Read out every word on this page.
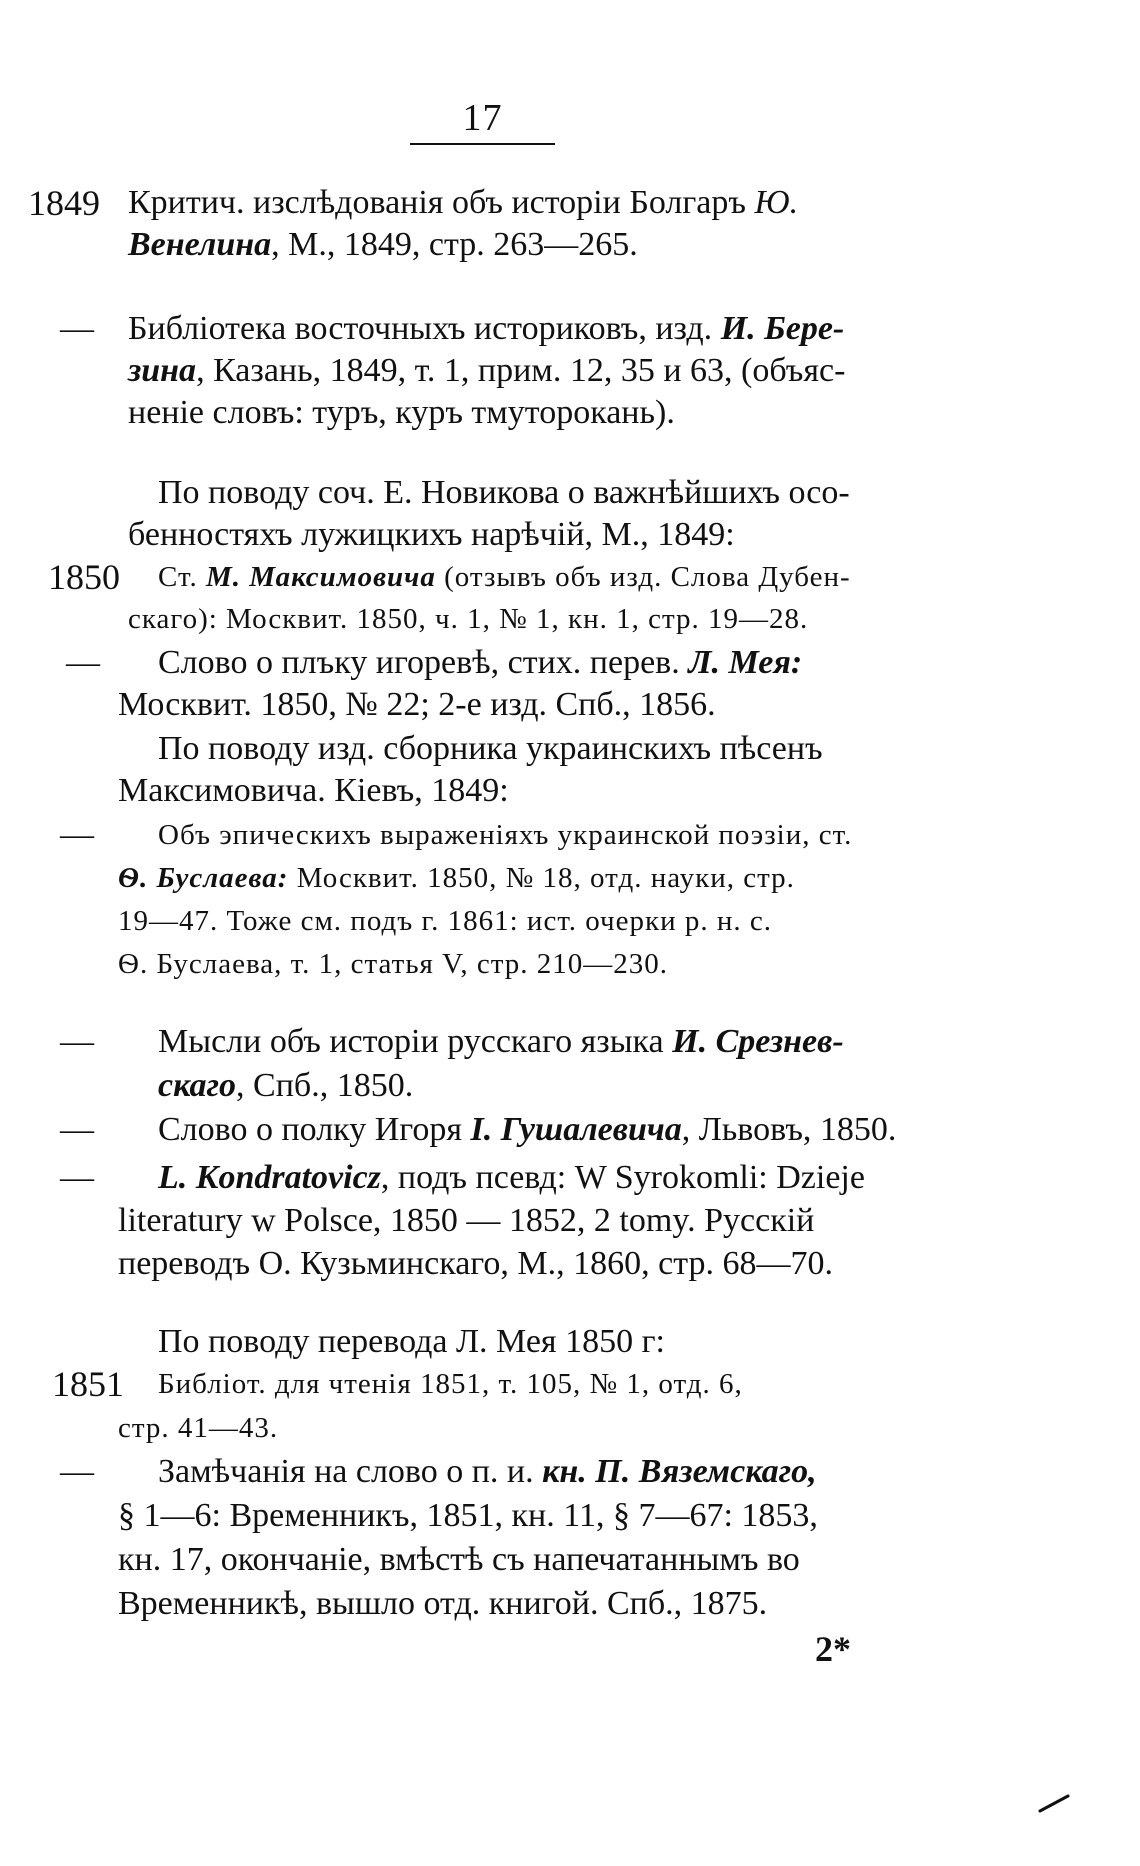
17
1849 Критич. изслѣдованія объ исторіи Болгаръ Ю.
Венелина, М., 1849, стр. 263—265.
— Библіотека восточныхъ историковъ, изд. И. Бере-
зина, Казань, 1849, т. 1, прим. 12, 35 и 63, (объяс-
неніе словъ: туръ, куръ тмуторокань).
По поводу соч. Е. Новикова о важнѣйшихъ осо-
бенностяхъ лужицкихъ нарѣчій, М., 1849:
1850 Ст. М. Максимовича (отзывъ объ изд. Слова Дубен-
скаго): Москвит. 1850, ч. 1, № 1, кн. 1, стр. 19—28.
— Слово о плъку игоревѣ, стих. перев. Л. Мея:
Москвит. 1850, № 22; 2-е изд. Спб., 1856.
По поводу изд. сборника украинскихъ пѣсенъ
Максимовича. Кіевъ, 1849:
— Объ эпическихъ выраженіяхъ украинской поэзіи, ст.
Ѳ. Буслаева: Москвит. 1850, № 18, отд. науки, стр.
19—47. Тоже см. подъ г. 1861: ист. очерки р. н. с.
Ѳ. Буслаева, т. 1, статья V, стр. 210—230.
— Мысли объ исторіи русскаго языка И. Срезнев-
скаго, Спб., 1850.
— Слово о полку Игоря І. Гушалевича, Львовъ, 1850.
— L. Kondratovicz, подъ псевд: W Syrokomli: Dzieje
literatury w Polsce, 1850 — 1852, 2 tomy. Русскій
переводъ О. Кузьминскаго, М., 1860, стр. 68—70.
По поводу перевода Л. Мея 1850 г:
1851 Библіот. для чтенія 1851, т. 105, № 1, отд. 6,
стр. 41—43.
— Замѣчанія на слово о п. и. кн. П. Вяземскаго,
§ 1—6: Временникъ, 1851, кн. 11, § 7—67: 1853,
кн. 17, окончаніе, вмѣстѣ съ напечатаннымъ во
Временникѣ, вышло отд. книгой. Спб., 1875.
2*
